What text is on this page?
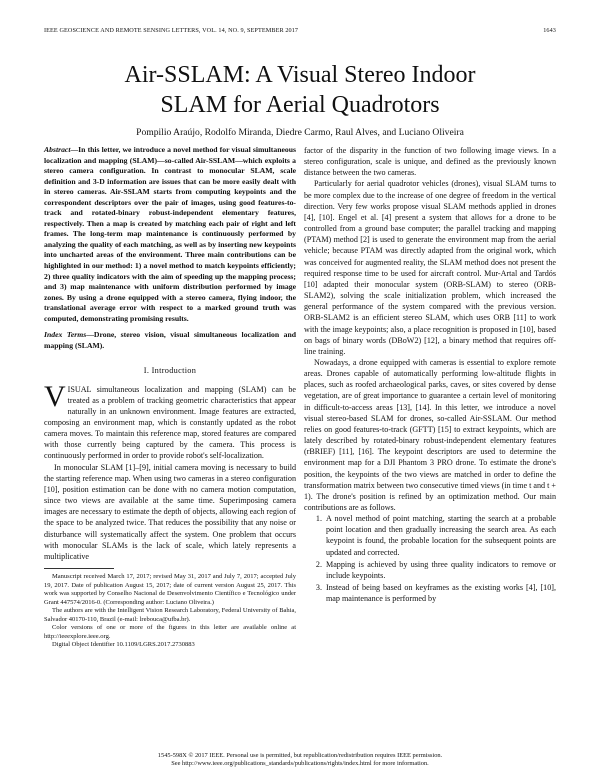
IEEE GEOSCIENCE AND REMOTE SENSING LETTERS, VOL. 14, NO. 9, SEPTEMBER 2017	1643
Air-SSLAM: A Visual Stereo Indoor
SLAM for Aerial Quadrotors
Pompilio Araújo, Rodolfo Miranda, Diedre Carmo, Raul Alves, and Luciano Oliveira

Abstract—In this letter, we introduce a novel method for visual simultaneous localization and mapping (SLAM)—so-called Air-SSLAM—which exploits a stereo camera configuration. In contrast to monocular SLAM, scale definition and 3-D information are issues that can be more easily dealt with in stereo cameras. Air-SSLAM starts from computing keypoints and the correspondent descriptors over the pair of images, using good features-to-track and rotated-binary robust-independent elementary features, respectively. Then a map is created by matching each pair of right and left frames. The long-term map maintenance is continuously performed by analyzing the quality of each matching, as well as by inserting new keypoints into uncharted areas of the environment. Three main contributions can be highlighted in our method: 1) a novel method to match keypoints efficiently; 2) three quality indicators with the aim of speeding up the mapping process; and 3) map maintenance with uniform distribution performed by image zones. By using a drone equipped with a stereo camera, flying indoor, the translational average error with respect to a marked ground truth was computed, demonstrating promising results.

Index Terms—Drone, stereo vision, visual simultaneous localization and mapping (SLAM).

I. Introduction

VISUAL simultaneous localization and mapping (SLAM) can be treated as a problem of tracking geometric characteristics that appear naturally in an unknown environment. Image features are extracted, composing an environment map, which is constantly updated as the robot camera moves. To maintain this reference map, stored features are compared with those currently being captured by the camera. This process is continuously performed in order to provide robot's self-localization.

In monocular SLAM [1]–[9], initial camera moving is necessary to build the starting reference map. When using two cameras in a stereo configuration [10], position estimation can be done with no camera motion computation, since two views are available at the same time. Superimposing camera images are necessary to estimate the depth of objects, allowing each region of the space to be analyzed twice. That reduces the possibility that any noise or disturbance will systematically affect the system. One problem that occurs with monocular SLAMs is the lack of scale, which lately represents a multiplicative

Manuscript received March 17, 2017; revised May 31, 2017 and July 7, 2017; accepted July 19, 2017. Date of publication August 15, 2017; date of current version August 25, 2017. This work was supported by Conselho Nacional de Desenvolvimento Científico e Tecnológico under Grant 447574/2016-0. (Corresponding author: Luciano Oliveira.)

The authors are with the Intelligent Vision Research Laboratory, Federal University of Bahia, Salvador 40170-110, Brazil (e-mail: lrebouca@ufba.br).

Color versions of one or more of the figures in this letter are available online at http://ieeexplore.ieee.org.

Digital Object Identifier 10.1109/LGRS.2017.2730883

factor of the disparity in the function of two following image views. In a stereo configuration, scale is unique, and defined as the previously known distance between the two cameras.

Particularly for aerial quadrotor vehicles (drones), visual SLAM turns to be more complex due to the increase of one degree of freedom in the vertical direction. Very few works propose visual SLAM methods applied in drones [4], [10]. Engel et al. [4] present a system that allows for a drone to be controlled from a ground base computer; the parallel tracking and mapping (PTAM) method [2] is used to generate the environment map from the aerial vehicle; because PTAM was directly adapted from the original work, which was conceived for augmented reality, the SLAM method does not present the required response time to be used for aircraft control. Mur-Artal and Tardós [10] adapted their monocular system (ORB-SLAM) to stereo (ORB-SLAM2), solving the scale initialization problem, which increased the general performance of the system compared with the previous version. ORB-SLAM2 is an efficient stereo SLAM, which uses ORB [11] to work with the image keypoints; also, a place recognition is proposed in [10], based on bags of binary words (DBoW2) [12], a binary method that requires off-line training.

Nowadays, a drone equipped with cameras is essential to explore remote areas. Drones capable of automatically performing low-altitude flights in places, such as roofed archaeological parks, caves, or sites covered by dense vegetation, are of great importance to guarantee a certain level of monitoring in difficult-to-access areas [13], [14]. In this letter, we introduce a novel visual stereo-based SLAM for drones, so-called Air-SSLAM. Our method relies on good features-to-track (GFTT) [15] to extract keypoints, which are lately described by rotated-binary robust-independent elementary features (rBRIEF) [11], [16]. The keypoint descriptors are used to determine the environment map for a DJI Phantom 3 PRO drone. To estimate the drone's position, the keypoints of the two views are matched in order to define the transformation matrix between two consecutive timed views (in time t and t + 1). The drone's position is refined by an optimization method. Our main contributions are as follows.

1. A novel method of point matching, starting the search at a probable point location and then gradually increasing the search area. As each keypoint is found, the probable location for the subsequent points are updated and corrected.
2. Mapping is achieved by using three quality indicators to remove or include keypoints.
3. Instead of being based on keyframes as the existing works [4], [10], map maintenance is performed by
1545-598X © 2017 IEEE. Personal use is permitted, but republication/redistribution requires IEEE permission.
See http://www.ieee.org/publications_standards/publications/rights/index.html for more information.
